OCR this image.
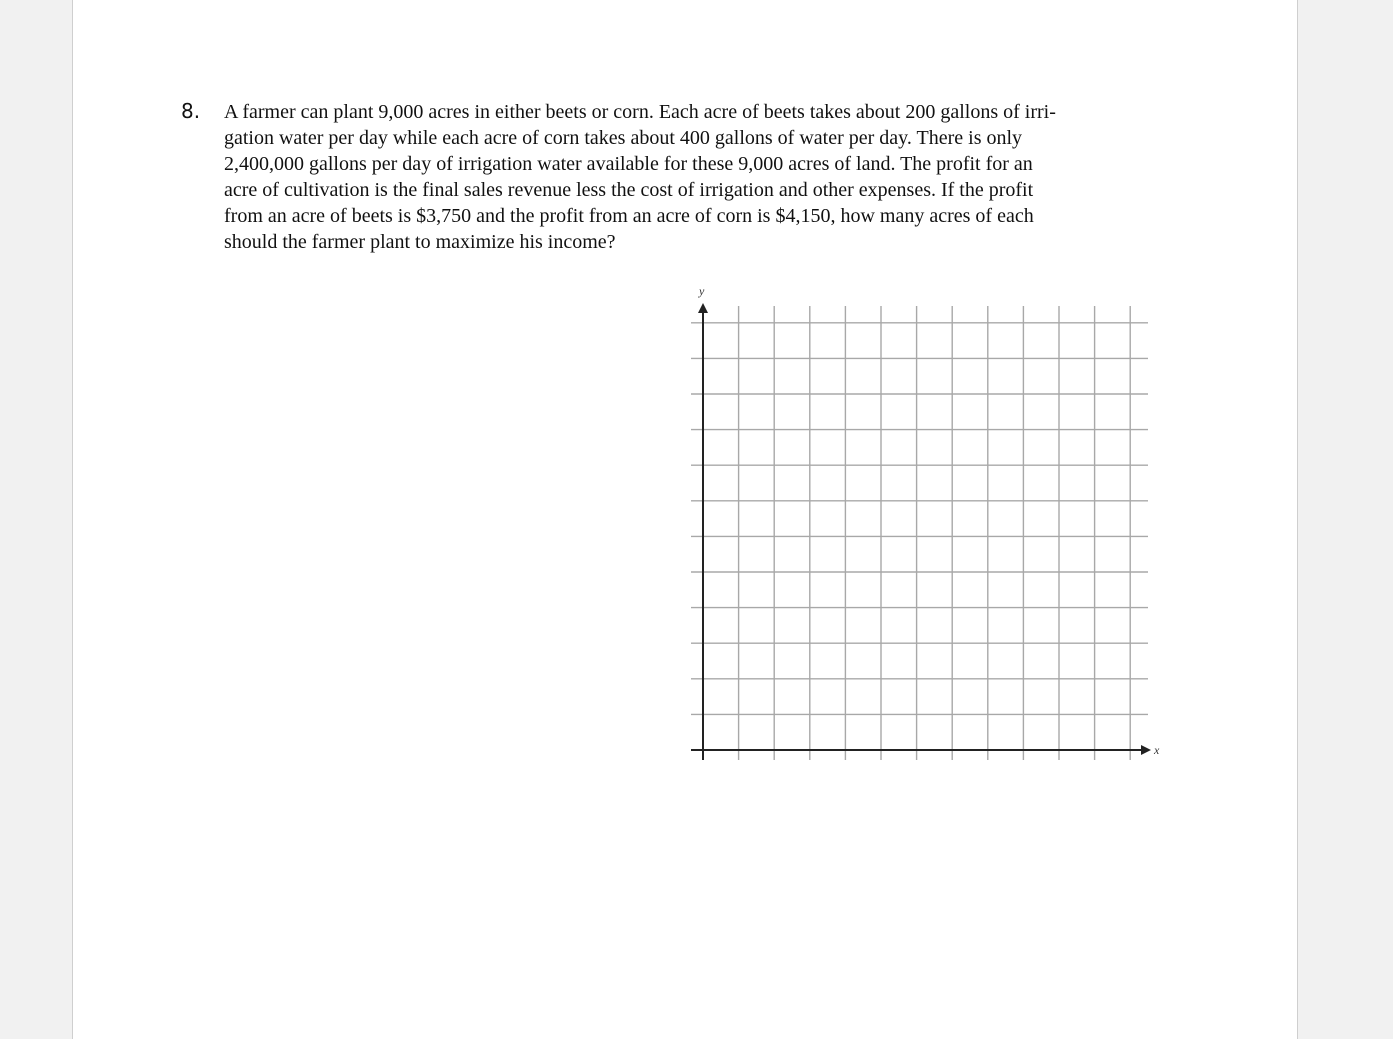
8. A farmer can plant 9,000 acres in either beets or corn. Each acre of beets takes about 200 gallons of irri-
gation water per day while each acre of corn takes about 400 gallons of water per day. There is only
2,400,000 gallons per day of irrigation water available for these 9,000 acres of land. The profit for an
acre of cultivation is the final sales revenue less the cost of irrigation and other expenses. If the profit
from an acre of beets is $3,750 and the profit from an acre of corn is $4,150, how many acres of each
should the farmer plant to maximize his income?

x
y
